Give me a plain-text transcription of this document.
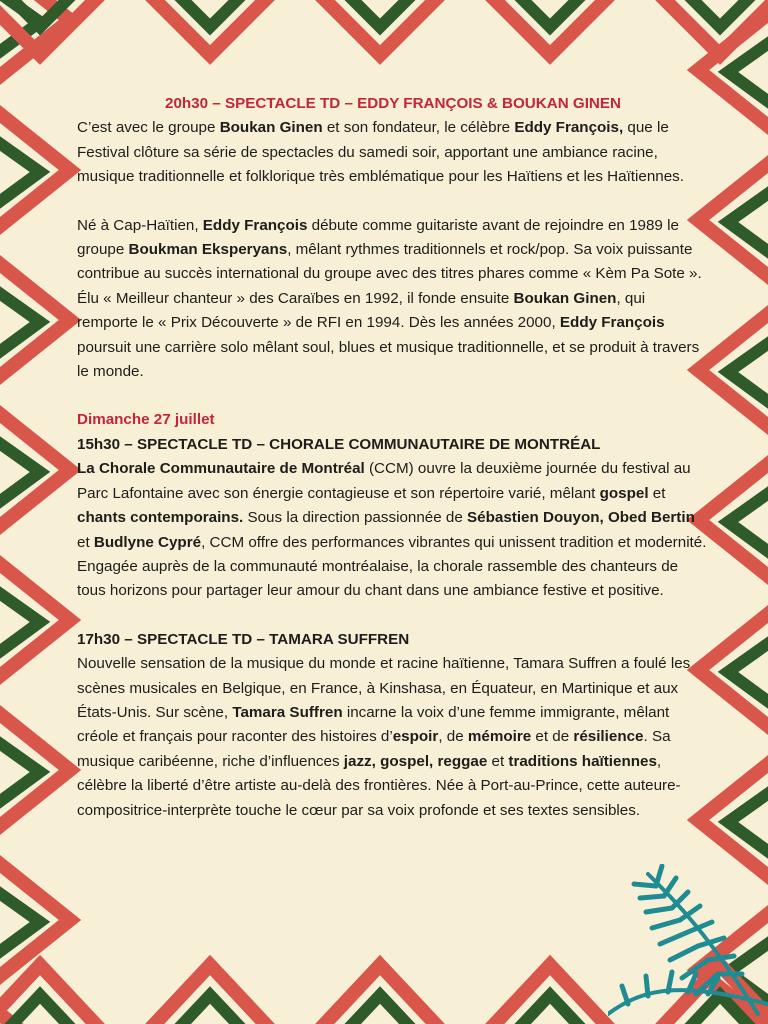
20h30 – SPECTACLE TD – EDDY FRANÇOIS & BOUKAN GINEN

C’est avec le groupe Boukan Ginen et son fondateur, le célèbre Eddy François, que le Festival clôture sa série de spectacles du samedi soir, apportant une ambiance racine, musique traditionnelle et folklorique très emblématique pour les Haïtiens et les Haïtiennes.

Né à Cap-Haïtien, Eddy François débute comme guitariste avant de rejoindre en 1989 le groupe Boukman Eksperyans, mêlant rythmes traditionnels et rock/pop. Sa voix puissante contribue au succès international du groupe avec des titres phares comme « Kèm Pa Sote ». Élu « Meilleur chanteur » des Caraïbes en 1992, il fonde ensuite Boukan Ginen, qui remporte le « Prix Découverte » de RFI en 1994. Dès les années 2000, Eddy François poursuit une carrière solo mêlant soul, blues et musique traditionnelle, et se produit à travers le monde.

Dimanche 27 juillet

15h30 – SPECTACLE TD – CHORALE COMMUNAUTAIRE DE MONTRÉAL

La Chorale Communautaire de Montréal (CCM) ouvre la deuxième journée du festival au Parc Lafontaine avec son énergie contagieuse et son répertoire varié, mêlant gospel et chants contemporains. Sous la direction passionnée de Sébastien Douyon, Obed Bertin et Budlyne Cypré, CCM offre des performances vibrantes qui unissent tradition et modernité. Engagée auprès de la communauté montréalaise, la chorale rassemble des chanteurs de tous horizons pour partager leur amour du chant dans une ambiance festive et positive.

17h30 – SPECTACLE TD – TAMARA SUFFREN

Nouvelle sensation de la musique du monde et racine haïtienne, Tamara Suffren a foulé les scènes musicales en Belgique, en France, à Kinshasa, en Équateur, en Martinique et aux États-Unis. Sur scène, Tamara Suffren incarne la voix d’une femme immigrante, mêlant créole et français pour raconter des histoires d’espoir, de mémoire et de résilience. Sa musique caribéenne, riche d’influences jazz, gospel, reggae et traditions haïtiennes, célèbre la liberté d’être artiste au-delà des frontières. Née à Port-au-Prince, cette auteure-compositrice-interprète touche le cœur par sa voix profonde et ses textes sensibles.
